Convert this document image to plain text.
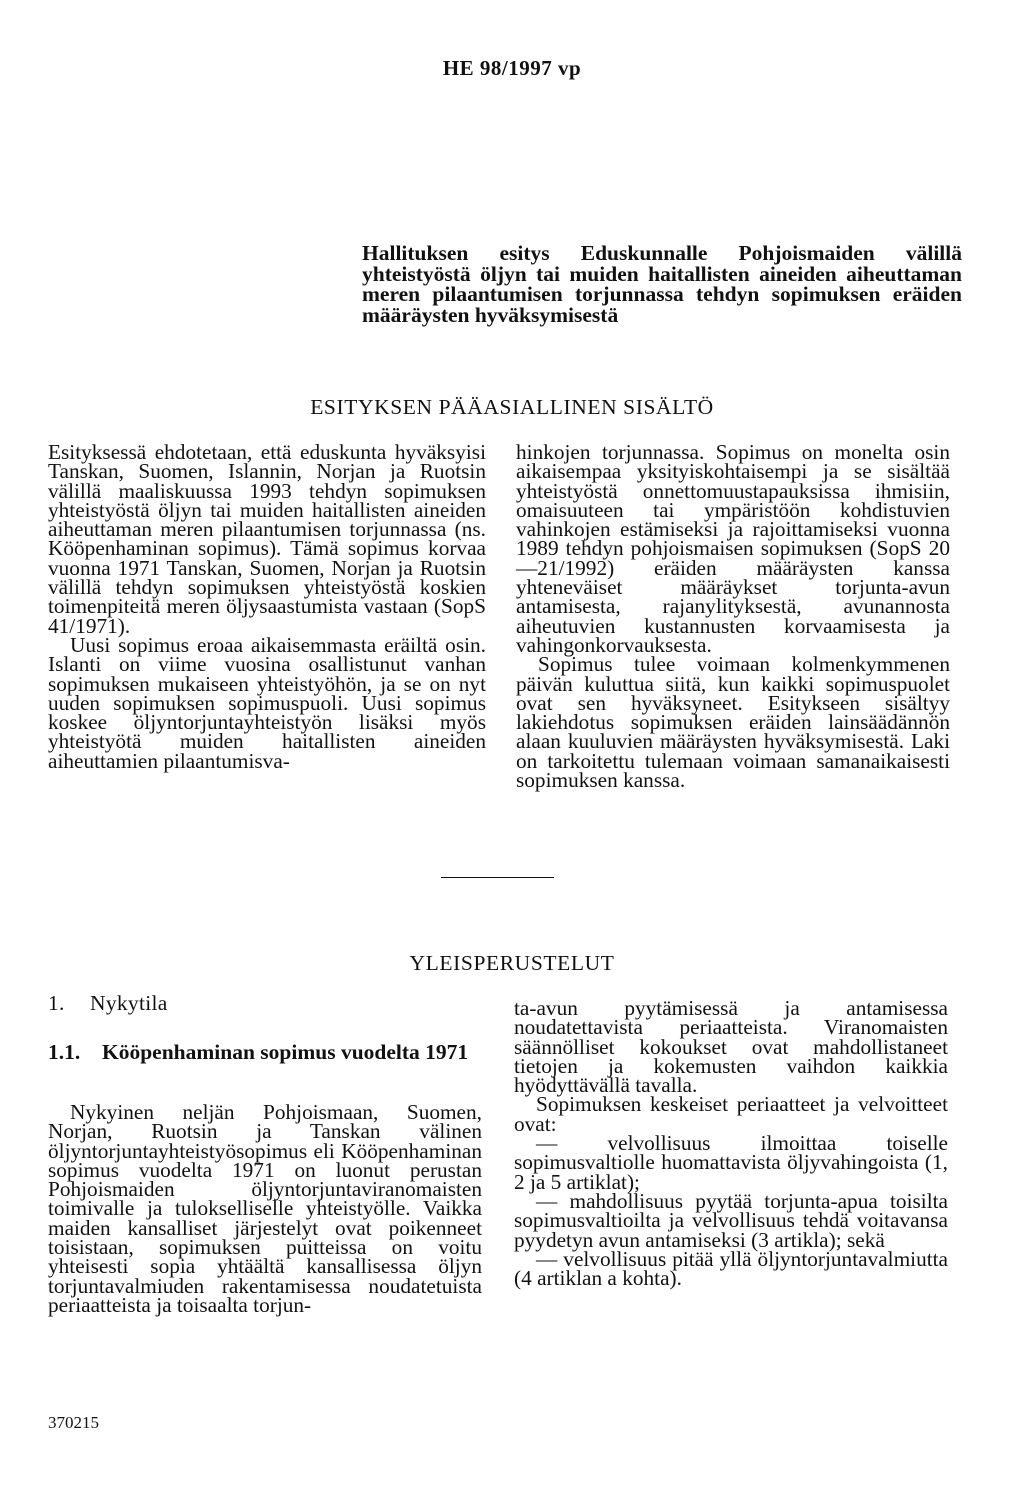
HE 98/1997 vp
Hallituksen esitys Eduskunnalle Pohjoismaiden välillä yhteistyöstä öljyn tai muiden haitallisten aineiden aiheuttaman meren pilaantumisen torjunnassa tehdyn sopimuksen eräiden määräysten hyväksymisestä
ESITYKSEN PÄÄASIALLINEN SISÄLTÖ

Esityksessä ehdotetaan, että eduskunta hyväksyisi Tanskan, Suomen, Islannin, Norjan ja Ruotsin välillä maaliskuussa 1993 tehdyn sopimuksen yhteistyöstä öljyn tai muiden haitallisten aineiden aiheuttaman meren pilaantumisen torjunnassa (ns. Kööpenhaminan sopimus). Tämä sopimus korvaa vuonna 1971 Tanskan, Suomen, Norjan ja Ruotsin välillä tehdyn sopimuksen yhteistyöstä koskien toimenpiteitä meren öljysaastumista vastaan (SopS 41/1971).

Uusi sopimus eroaa aikaisemmasta eräiltä osin. Islanti on viime vuosina osallistunut vanhan sopimuksen mukaiseen yhteistyöhön, ja se on nyt uuden sopimuksen sopimuspuoli. Uusi sopimus koskee öljyntorjuntayhteistyön lisäksi myös yhteistyötä muiden haitallisten aineiden aiheuttamien pilaantumisva-

hinkojen torjunnassa. Sopimus on monelta osin aikaisempaa yksityiskohtaisempi ja se sisältää yhteistyöstä onnettomuustapauksissa ihmisiin, omaisuuteen tai ympäristöön kohdistuvien vahinkojen estämiseksi ja rajoittamiseksi vuonna 1989 tehdyn pohjoismaisen sopimuksen (SopS 20—21/1992) eräiden määräysten kanssa yhteneväiset määräykset torjunta-avun antamisesta, rajanylityksestä, avunannosta aiheutuvien kustannusten korvaamisesta ja vahingonkorvauksesta.

Sopimus tulee voimaan kolmenkymmenen päivän kuluttua siitä, kun kaikki sopimuspuolet ovat sen hyväksyneet. Esitykseen sisältyy lakiehdotus sopimuksen eräiden lainsäädännön alaan kuuluvien määräysten hyväksymisestä. Laki on tarkoitettu tulemaan voimaan samanaikaisesti sopimuksen kanssa.

YLEISPERUSTELUT
1. Nykytila
1.1. Kööpenhaminan sopimus vuodelta 1971

Nykyinen neljän Pohjoismaan, Suomen, Norjan, Ruotsin ja Tanskan välinen öljyntorjuntayhteistyösopimus eli Kööpenhaminan sopimus vuodelta 1971 on luonut perustan Pohjoismaiden öljyntorjuntaviranomaisten toimivalle ja tulokselliselle yhteistyölle. Vaikka maiden kansalliset järjestelyt ovat poikenneet toisistaan, sopimuksen puitteissa on voitu yhteisesti sopia yhtäältä kansallisessa öljyn torjuntavalmiuden rakentamisessa noudatetuista periaatteista ja toisaalta torjun-

ta-avun pyytämisessä ja antamisessa noudatettavista periaatteista. Viranomaisten säännölliset kokoukset ovat mahdollistaneet tietojen ja kokemusten vaihdon kaikkia hyödyttävällä tavalla.

Sopimuksen keskeiset periaatteet ja velvoitteet ovat:

— velvollisuus ilmoittaa toiselle sopimusvaltiolle huomattavista öljyvahingoista (1, 2 ja 5 artiklat);

— mahdollisuus pyytää torjunta-apua toisilta sopimusvaltioilta ja velvollisuus tehdä voitavansa pyydetyn avun antamiseksi (3 artikla); sekä

— velvollisuus pitää yllä öljyntorjuntavalmiutta (4 artiklan a kohta).

370215
